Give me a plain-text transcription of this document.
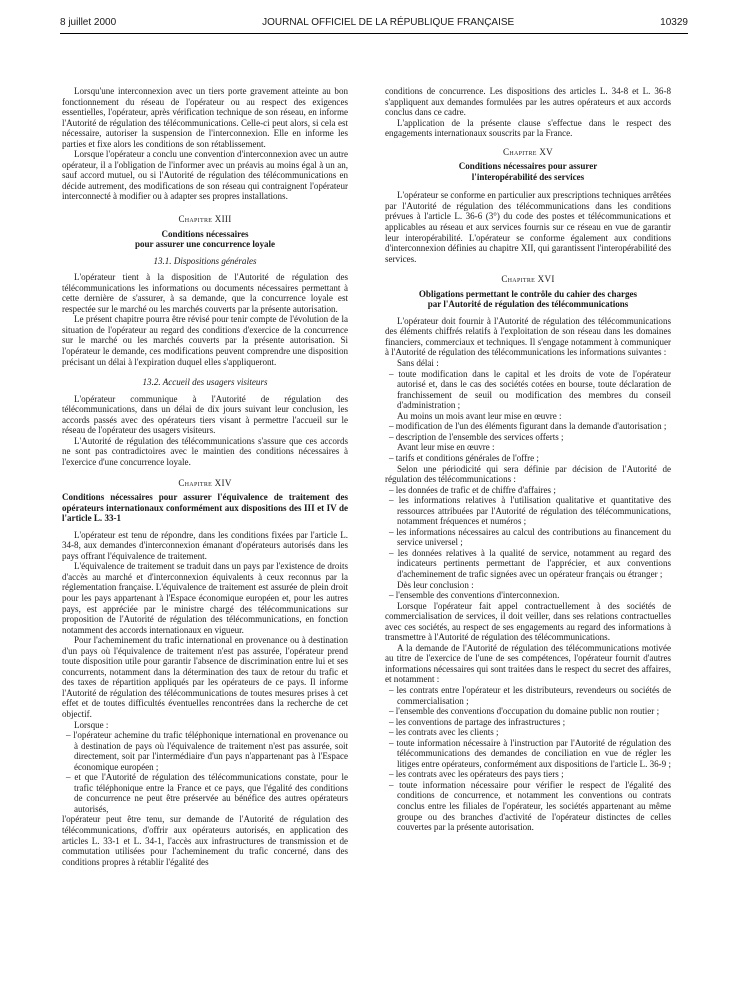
8 juillet 2000	JOURNAL OFFICIEL DE LA RÉPUBLIQUE FRANÇAISE	10329

Lorsqu'une interconnexion avec un tiers porte gravement atteinte au bon fonctionnement du réseau de l'opérateur ou au respect des exigences essentielles, l'opérateur, après vérification technique de son réseau, en informe l'Autorité de régulation des télécommunications. Celle-ci peut alors, si cela est nécessaire, autoriser la suspension de l'interconnexion. Elle en informe les parties et fixe alors les conditions de son rétablissement.

Lorsque l'opérateur a conclu une convention d'interconnexion avec un autre opérateur, il a l'obligation de l'informer avec un préavis au moins égal à un an, sauf accord mutuel, ou si l'Autorité de régulation des télécommunications en décide autrement, des modifications de son réseau qui contraignent l'opérateur interconnecté à modifier ou à adapter ses propres installations.

Chapitre XIII

Conditions nécessaires

pour assurer une concurrence loyale

13.1. Dispositions générales

L'opérateur tient à la disposition de l'Autorité de régulation des télécommunications les informations ou documents nécessaires permettant à cette dernière de s'assurer, à sa demande, que la concurrence loyale est respectée sur le marché ou les marchés couverts par la présente autorisation.

Le présent chapitre pourra être révisé pour tenir compte de l'évolution de la situation de l'opérateur au regard des conditions d'exercice de la concurrence sur le marché ou les marchés couverts par la présente autorisation. Si l'opérateur le demande, ces modifications peuvent comprendre une disposition précisant un délai à l'expiration duquel elles s'appliqueront.

13.2. Accueil des usagers visiteurs

L'opérateur communique à l'Autorité de régulation des télécommunications, dans un délai de dix jours suivant leur conclusion, les accords passés avec des opérateurs tiers visant à permettre l'accueil sur le réseau de l'opérateur des usagers visiteurs.

L'Autorité de régulation des télécommunications s'assure que ces accords ne sont pas contradictoires avec le maintien des conditions nécessaires à l'exercice d'une concurrence loyale.

Chapitre XIV

Conditions nécessaires pour assurer l'équivalence de traitement des opérateurs internationaux conformément aux dispositions des III et IV de l'article L. 33-1

L'opérateur est tenu de répondre, dans les conditions fixées par l'article L. 34-8, aux demandes d'interconnexion émanant d'opérateurs autorisés dans les pays offrant l'équivalence de traitement.

L'équivalence de traitement se traduit dans un pays par l'existence de droits d'accès au marché et d'interconnexion équivalents à ceux reconnus par la réglementation française. L'équivalence de traitement est assurée de plein droit pour les pays appartenant à l'Espace économique européen et, pour les autres pays, est appréciée par le ministre chargé des télécommunications sur proposition de l'Autorité de régulation des télécommunications, en fonction notamment des accords internationaux en vigueur.

Pour l'acheminement du trafic international en provenance ou à destination d'un pays où l'équivalence de traitement n'est pas assurée, l'opérateur prend toute disposition utile pour garantir l'absence de discrimination entre lui et ses concurrents, notamment dans la détermination des taux de retour du trafic et des taxes de répartition appliqués par les opérateurs de ce pays. Il informe l'Autorité de régulation des télécommunications de toutes mesures prises à cet effet et de toutes difficultés éventuelles rencontrées dans la recherche de cet objectif.

Lorsque :

– l'opérateur achemine du trafic téléphonique international en provenance ou à destination de pays où l'équivalence de traitement n'est pas assurée, soit directement, soit par l'intermédiaire d'un pays n'appartenant pas à l'Espace économique européen ;

– et que l'Autorité de régulation des télécommunications constate, pour le trafic téléphonique entre la France et ce pays, que l'égalité des conditions de concurrence ne peut être préservée au bénéfice des autres opérateurs autorisés,

l'opérateur peut être tenu, sur demande de l'Autorité de régulation des télécommunications, d'offrir aux opérateurs autorisés, en application des articles L. 33-1 et L. 34-1, l'accès aux infrastructures de transmission et de commutation utilisées pour l'acheminement du trafic concerné, dans des conditions propres à rétablir l'égalité des

conditions de concurrence. Les dispositions des articles L. 34-8 et L. 36-8 s'appliquent aux demandes formulées par les autres opérateurs et aux accords conclus dans ce cadre.

L'application de la présente clause s'effectue dans le respect des engagements internationaux souscrits par la France.

Chapitre XV

Conditions nécessaires pour assurer

l'interopérabilité des services

L'opérateur se conforme en particulier aux prescriptions techniques arrêtées par l'Autorité de régulation des télécommunications dans les conditions prévues à l'article L. 36-6 (3°) du code des postes et télécommunications et applicables au réseau et aux services fournis sur ce réseau en vue de garantir leur interopérabilité. L'opérateur se conforme également aux conditions d'interconnexion définies au chapitre XII, qui garantissent l'interopérabilité des services.

Chapitre XVI

Obligations permettant le contrôle du cahier des charges

par l'Autorité de régulation des télécommunications

L'opérateur doit fournir à l'Autorité de régulation des télécommunications des éléments chiffrés relatifs à l'exploitation de son réseau dans les domaines financiers, commerciaux et techniques. Il s'engage notamment à communiquer à l'Autorité de régulation des télécommunications les informations suivantes :

Sans délai :

– toute modification dans le capital et les droits de vote de l'opérateur autorisé et, dans le cas des sociétés cotées en bourse, toute déclaration de franchissement de seuil ou modification des membres du conseil d'administration ;

Au moins un mois avant leur mise en œuvre :

– modification de l'un des éléments figurant dans la demande d'autorisation ;

– description de l'ensemble des services offerts ;

Avant leur mise en œuvre :

– tarifs et conditions générales de l'offre ;

Selon une périodicité qui sera définie par décision de l'Autorité de régulation des télécommunications :

– les données de trafic et de chiffre d'affaires ;

– les informations relatives à l'utilisation qualitative et quantitative des ressources attribuées par l'Autorité de régulation des télécommunications, notamment fréquences et numéros ;

– les informations nécessaires au calcul des contributions au financement du service universel ;

– les données relatives à la qualité de service, notamment au regard des indicateurs pertinents permettant de l'apprécier, et aux conventions d'acheminement de trafic signées avec un opérateur français ou étranger ;

Dès leur conclusion :

– l'ensemble des conventions d'interconnexion.

Lorsque l'opérateur fait appel contractuellement à des sociétés de commercialisation de services, il doit veiller, dans ses relations contractuelles avec ces sociétés, au respect de ses engagements au regard des informations à transmettre à l'Autorité de régulation des télécommunications.

A la demande de l'Autorité de régulation des télécommunications motivée au titre de l'exercice de l'une de ses compétences, l'opérateur fournit d'autres informations nécessaires qui sont traitées dans le respect du secret des affaires, et notamment :

– les contrats entre l'opérateur et les distributeurs, revendeurs ou sociétés de commercialisation ;

– l'ensemble des conventions d'occupation du domaine public non routier ;

– les conventions de partage des infrastructures ;

– les contrats avec les clients ;

– toute information nécessaire à l'instruction par l'Autorité de régulation des télécommunications des demandes de conciliation en vue de régler les litiges entre opérateurs, conformément aux dispositions de l'article L. 36-9 ;

– les contrats avec les opérateurs des pays tiers ;

– toute information nécessaire pour vérifier le respect de l'égalité des conditions de concurrence, et notamment les conventions ou contrats conclus entre les filiales de l'opérateur, les sociétés appartenant au même groupe ou des branches d'activité de l'opérateur distinctes de celles couvertes par la présente autorisation.
